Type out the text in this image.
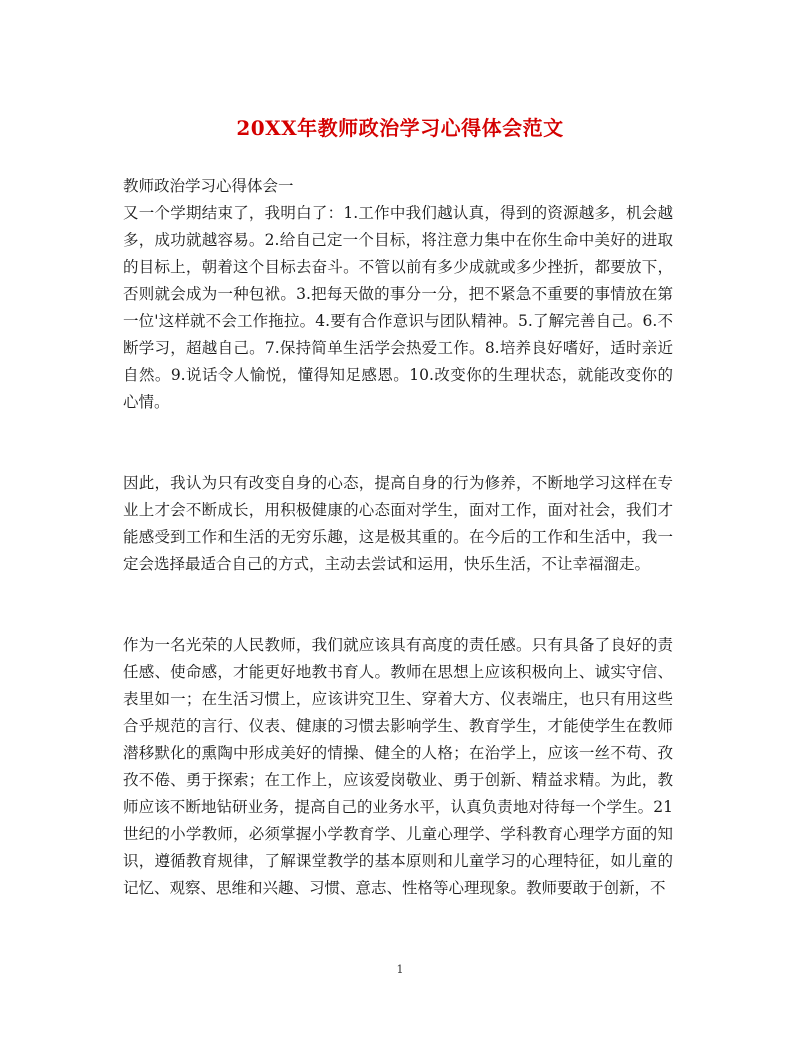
20XX年教师政治学习心得体会范文

教师政治学习心得体会一

又一个学期结束了，我明白了：1.工作中我们越认真，得到的资源越多，机会越多，成功就越容易。2.给自己定一个目标，将注意力集中在你生命中美好的进取的目标上，朝着这个目标去奋斗。不管以前有多少成就或多少挫折，都要放下，否则就会成为一种包袱。3.把每天做的事分一分，把不紧急不重要的事情放在第一位'这样就不会工作拖拉。4.要有合作意识与团队精神。5.了解完善自己。6.不断学习，超越自己。7.保持简单生活学会热爱工作。8.培养良好嗜好，适时亲近自然。9.说话令人愉悦，懂得知足感恩。10.改变你的生理状态，就能改变你的心情。

因此，我认为只有改变自身的心态，提高自身的行为修养，不断地学习这样在专业上才会不断成长，用积极健康的心态面对学生，面对工作，面对社会，我们才能感受到工作和生活的无穷乐趣，这是极其重的。在今后的工作和生活中，我一定会选择最适合自己的方式，主动去尝试和运用，快乐生活，不让幸福溜走。

作为一名光荣的人民教师，我们就应该具有高度的责任感。只有具备了良好的责任感、使命感，才能更好地教书育人。教师在思想上应该积极向上、诚实守信、表里如一；在生活习惯上，应该讲究卫生、穿着大方、仪表端庄，也只有用这些合乎规范的言行、仪表、健康的习惯去影响学生、教育学生，才能使学生在教师潜移默化的熏陶中形成美好的情操、健全的人格；在治学上，应该一丝不苟、孜孜不倦、勇于探索；在工作上，应该爱岗敬业、勇于创新、精益求精。为此，教师应该不断地钻研业务，提高自己的业务水平，认真负责地对待每一个学生。21世纪的小学教师，必须掌握小学教育学、儿童心理学、学科教育心理学方面的知识，遵循教育规律，了解课堂教学的基本原则和儿童学习的心理特征，如儿童的记忆、观察、思维和兴趣、习惯、意志、性格等心理现象。教师要敢于创新，不

1
